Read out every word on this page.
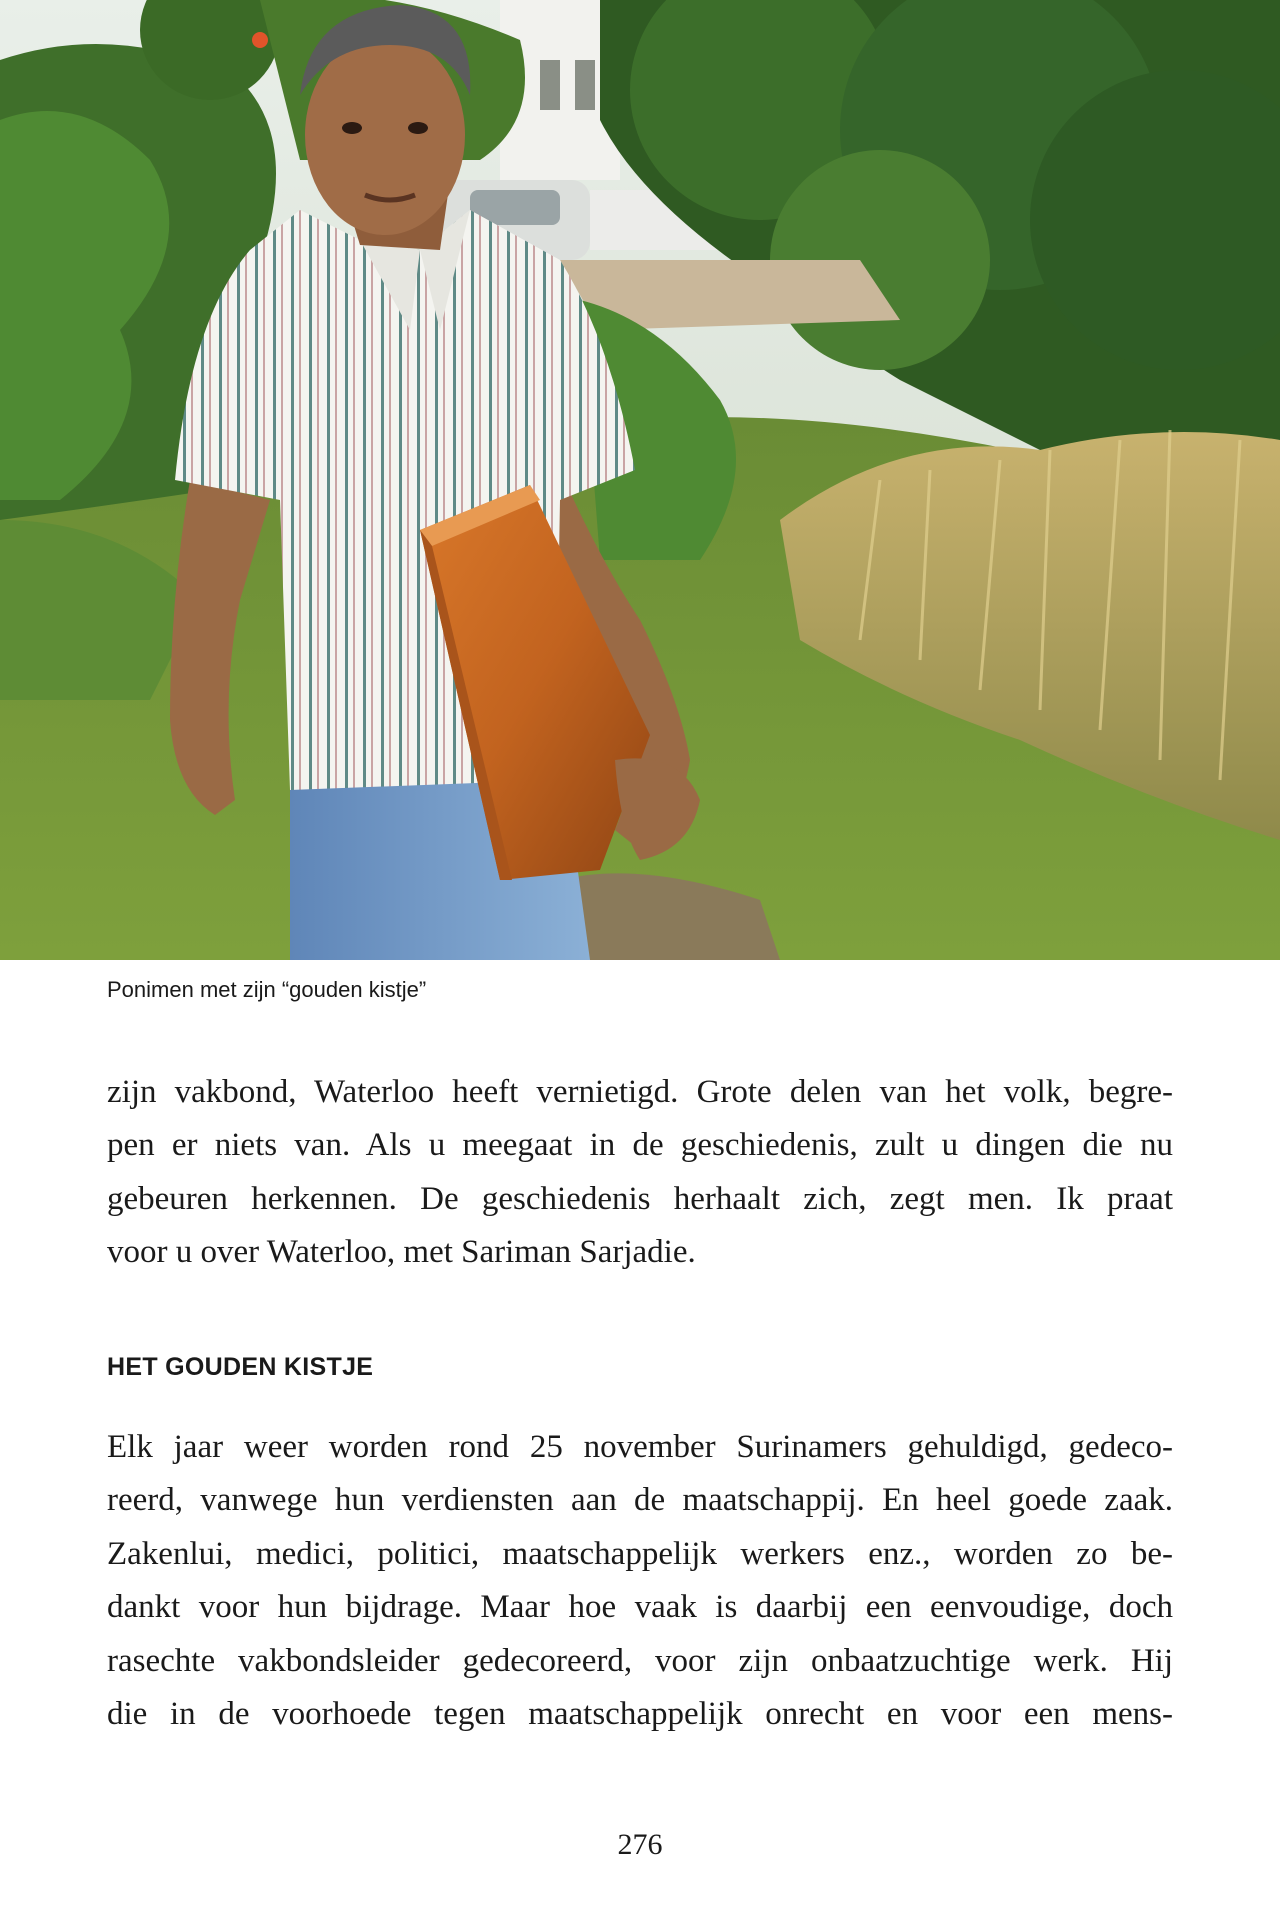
Ponimen met zijn “gouden kistje”

zijn vakbond, Waterloo heeft vernietigd. Grote delen van het volk, begre-
pen er niets van. Als u meegaat in de geschiedenis, zult u dingen die nu
gebeuren herkennen. De geschiedenis herhaalt zich, zegt men. Ik praat
voor u over Waterloo, met Sariman Sarjadie.

HET GOUDEN KISTJE

Elk jaar weer worden rond 25 november Surinamers gehuldigd, gedeco-
reerd, vanwege hun verdiensten aan de maatschappij. En heel goede zaak.
Zakenlui, medici, politici, maatschappelijk werkers enz., worden zo be-
dankt voor hun bijdrage. Maar hoe vaak is daarbij een eenvoudige, doch
rasechte vakbondsleider gedecoreerd, voor zijn onbaatzuchtige werk. Hij
die in de voorhoede tegen maatschappelijk onrecht en voor een mens-

276
